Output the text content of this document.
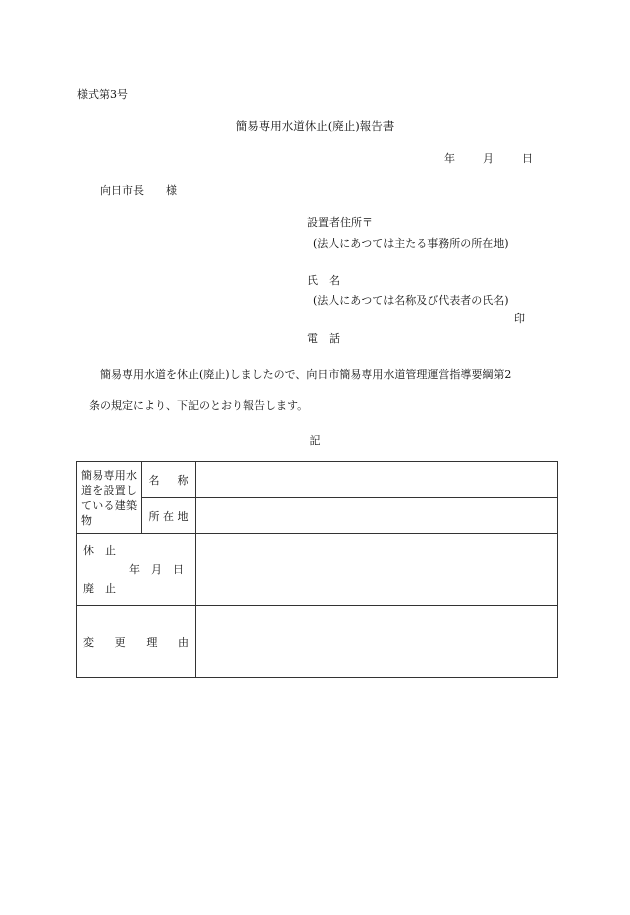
様式第3号
簡易専用水道休止(廃止)報告書
年	月	日
向日市長 様
設置者住所〒
(法人にあつては主たる事務所の所在地)
氏　名
(法人にあつては名称及び代表者の氏名)
印
電　話
簡易専用水道を休止(廃止)しましたので、向日市簡易専用水道管理運営指導要綱第2
条の規定により、下記のとおり報告します。
記
簡易専用水道を設置している建築物	名 称	
	所 在 地	

休　止
年　月　日
廃　止		

変更理由		
